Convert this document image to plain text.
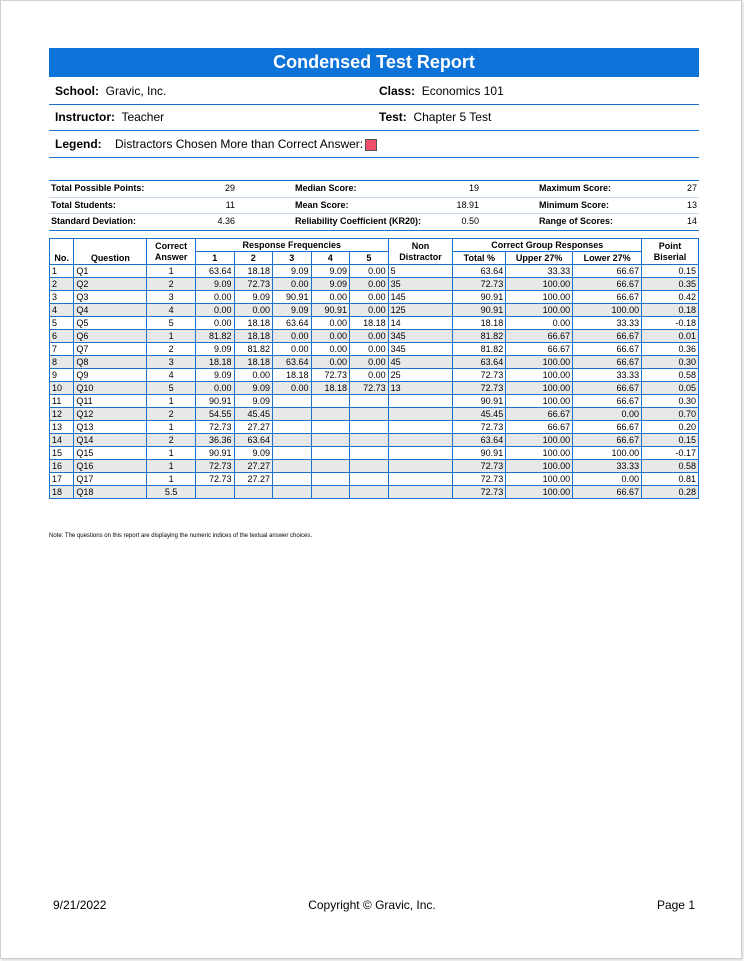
Condensed Test Report
School: Gravic, Inc.	Class: Economics 101
Instructor: Teacher	Test: Chapter 5 Test
Legend: Distractors Chosen More than Correct Answer:
Total Possible Points:	29		Median Score:	19		Maximum Score:	27
Total Students:	11		Mean Score:	18.91		Minimum Score:	13
Standard Deviation:	4.36		Reliability Coefficient (KR20):	0.50		Range of Scores:	14
No.	Question	Correct Answer	Response Frequencies					Non Distractor	Correct Group Responses			Point Biserial
			1	2	3	4	5		Total %	Upper 27%	Lower 27%	
1	Q1	1	63.64	18.18	9.09	9.09	0.00	5	63.64	33.33	66.67	0.15
2	Q2	2	9.09	72.73	0.00	9.09	0.00	35	72.73	100.00	66.67	0.35
3	Q3	3	0.00	9.09	90.91	0.00	0.00	145	90.91	100.00	66.67	0.42
4	Q4	4	0.00	0.00	9.09	90.91	0.00	125	90.91	100.00	100.00	0.18
5	Q5	5	0.00	18.18	63.64	0.00	18.18	14	18.18	0.00	33.33	-0.18
6	Q6	1	81.82	18.18	0.00	0.00	0.00	345	81.82	66.67	66.67	0.01
7	Q7	2	9.09	81.82	0.00	0.00	0.00	345	81.82	66.67	66.67	0.36
8	Q8	3	18.18	18.18	63.64	0.00	0.00	45	63.64	100.00	66.67	0.30
9	Q9	4	9.09	0.00	18.18	72.73	0.00	25	72.73	100.00	33.33	0.58
10	Q10	5	0.00	9.09	0.00	18.18	72.73	13	72.73	100.00	66.67	0.05
11	Q11	1	90.91	9.09					90.91	100.00	66.67	0.30
12	Q12	2	54.55	45.45					45.45	66.67	0.00	0.70
13	Q13	1	72.73	27.27					72.73	66.67	66.67	0.20
14	Q14	2	36.36	63.64					63.64	100.00	66.67	0.15
15	Q15	1	90.91	9.09					90.91	100.00	100.00	-0.17
16	Q16	1	72.73	27.27					72.73	100.00	33.33	0.58
17	Q17	1	72.73	27.27					72.73	100.00	0.00	0.81
18	Q18	5.5							72.73	100.00	66.67	0.28
Note: The questions on this report are displaying the numeric indices of the textual answer choices.
9/21/2022	Copyright © Gravic, Inc.	Page 1
